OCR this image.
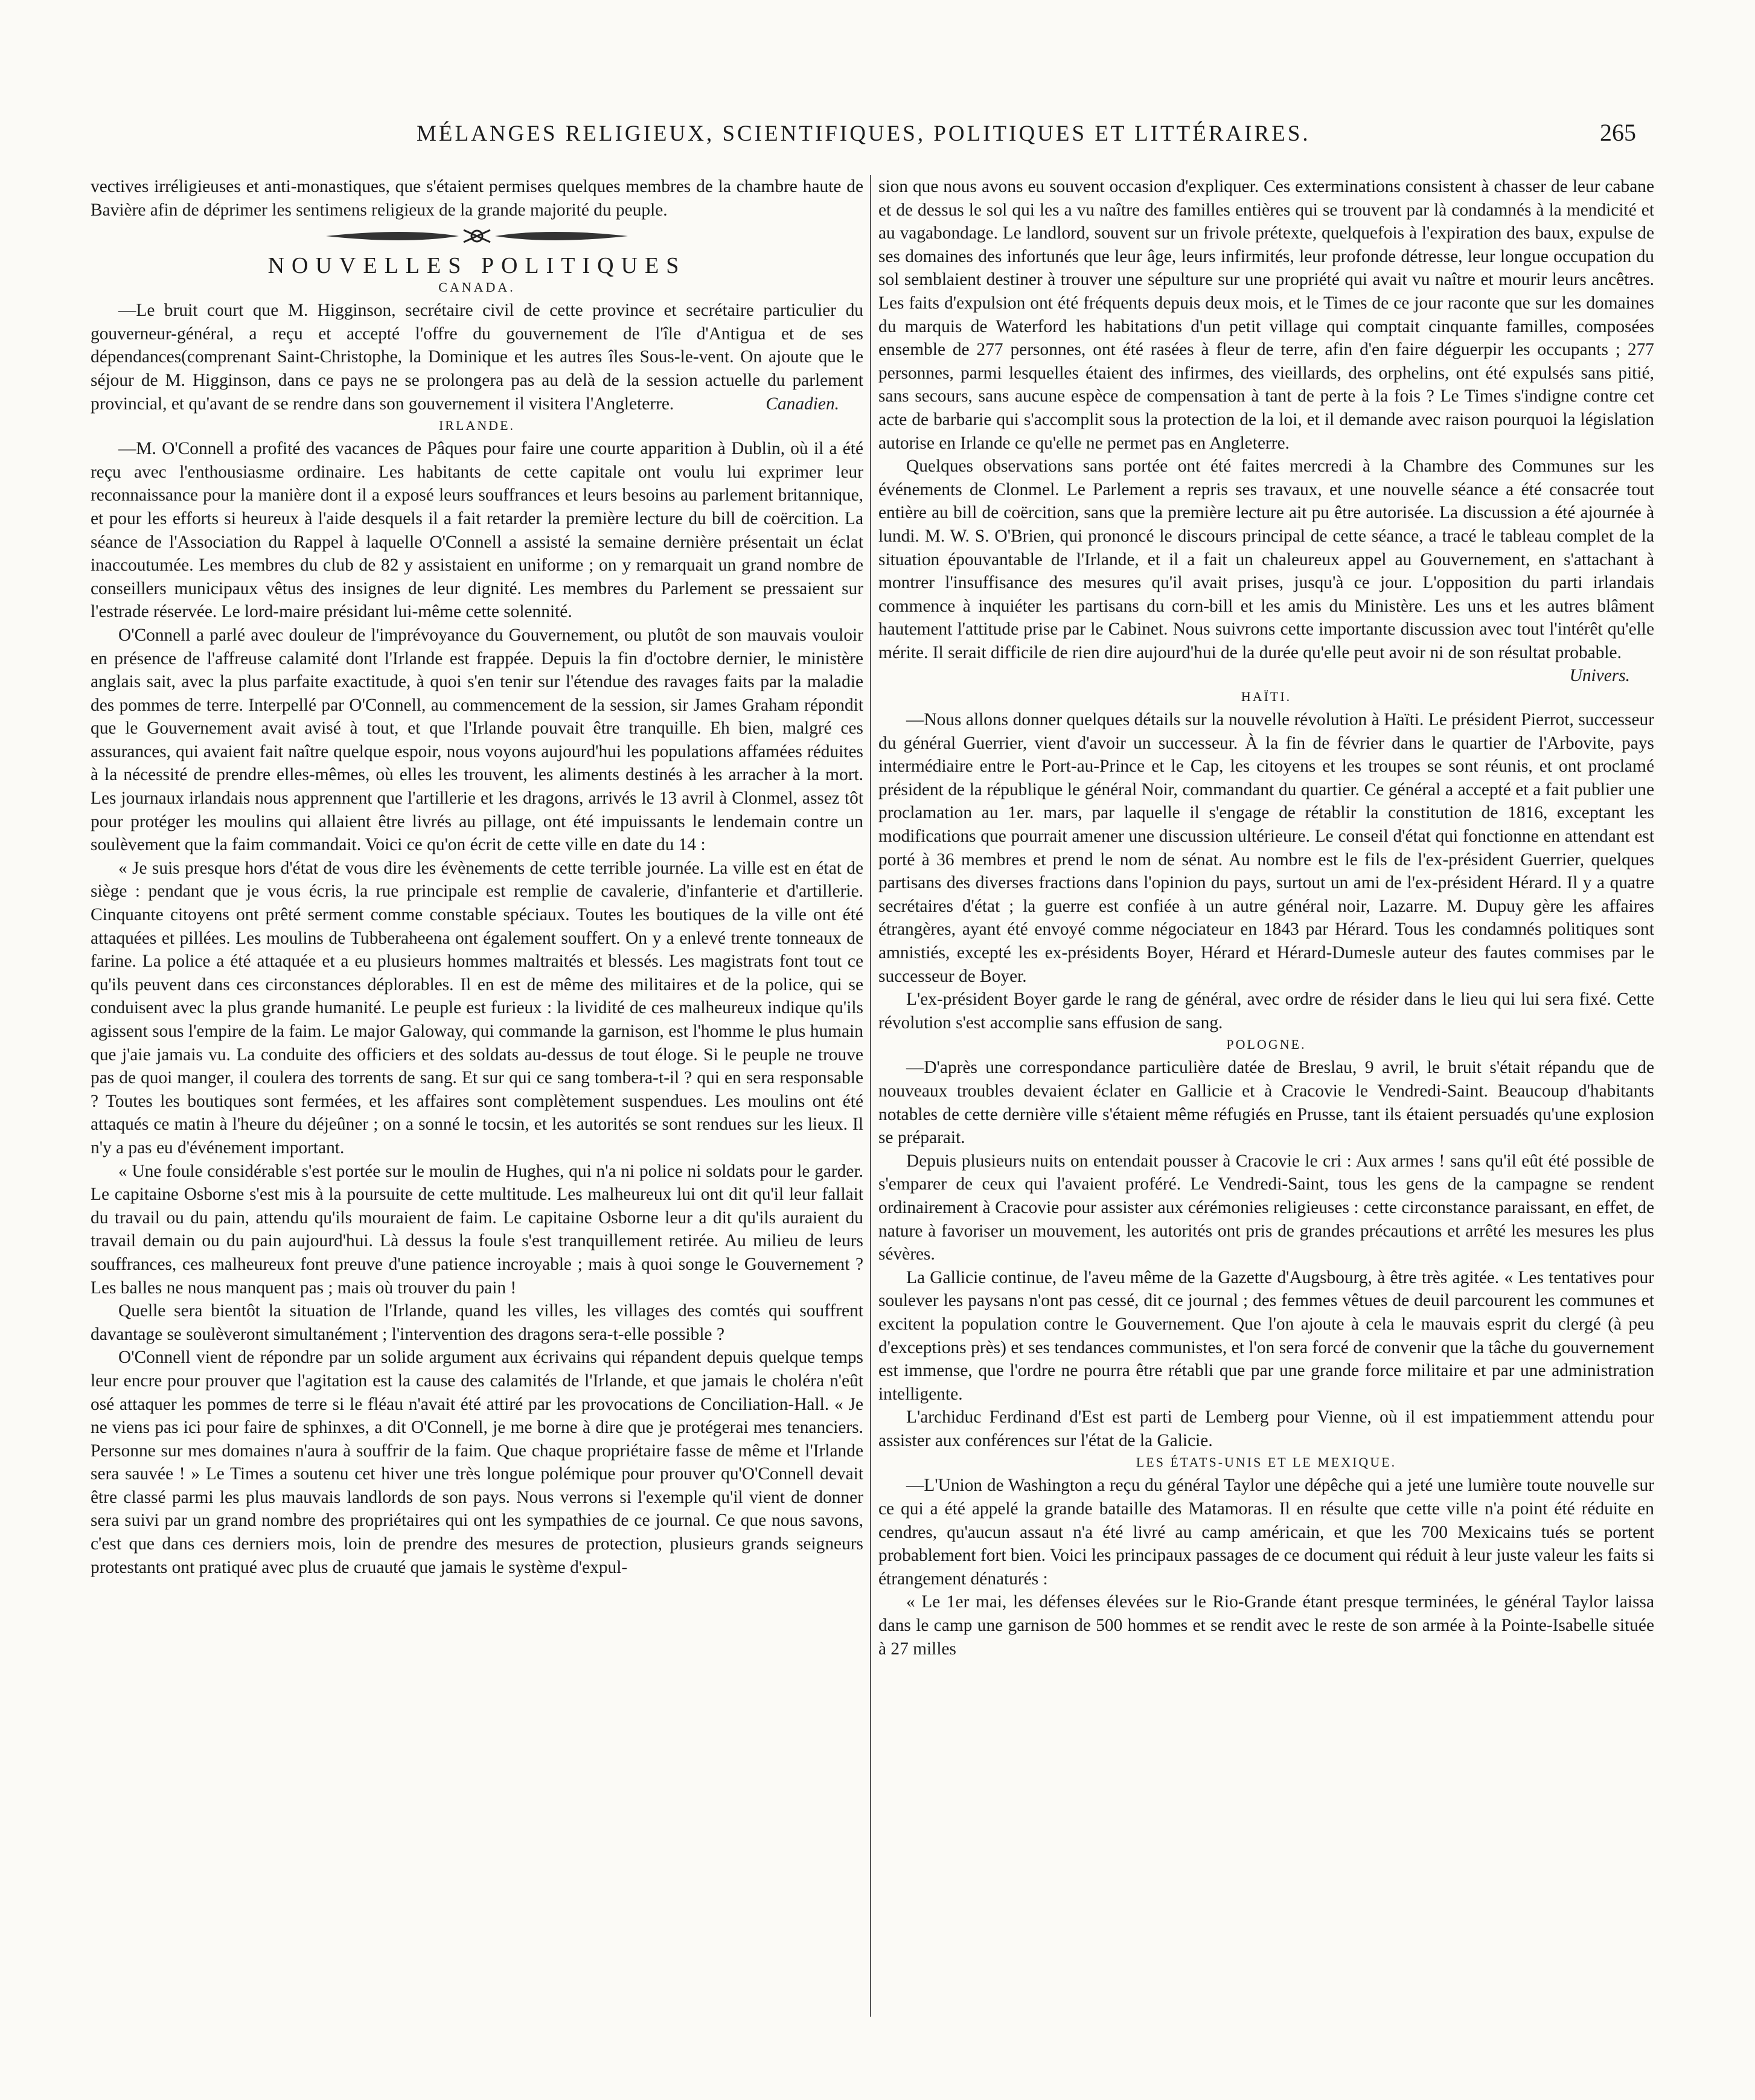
MÉLANGES RELIGIEUX, SCIENTIFIQUES, POLITIQUES ET LITTÉRAIRES.	265

vectives irréligieuses et anti-monastiques, que s'étaient permises quelques membres de la chambre haute de Bavière afin de déprimer les sentimens religieux de la grande majorité du peuple.

NOUVELLES POLITIQUES
CANADA.

—Le bruit court que M. Higginson, secrétaire civil de cette province et secrétaire particulier du gouverneur-général, a reçu et accepté l'offre du gouvernement de l'île d'Antigua et de ses dépendances(comprenant Saint-Christophe, la Dominique et les autres îles Sous-le-vent. On ajoute que le séjour de M. Higginson, dans ce pays ne se prolongera pas au delà de la session actuelle du parlement provincial, et qu'avant de se rendre dans son gouvernement il visitera l'Angleterre.	Canadien.

IRLANDE.

—M. O'Connell a profité des vacances de Pâques pour faire une courte apparition à Dublin, où il a été reçu avec l'enthousiasme ordinaire. Les habitants de cette capitale ont voulu lui exprimer leur reconnaissance pour la manière dont il a exposé leurs souffrances et leurs besoins au parlement britannique, et pour les efforts si heureux à l'aide desquels il a fait retarder la première lecture du bill de coërcition. La séance de l'Association du Rappel à laquelle O'Connell a assisté la semaine dernière présentait un éclat inaccoutumée. Les membres du club de 82 y assistaient en uniforme ; on y remarquait un grand nombre de conseillers municipaux vêtus des insignes de leur dignité. Les membres du Parlement se pressaient sur l'estrade réservée. Le lord-maire présidant lui-même cette solennité.

O'Connell a parlé avec douleur de l'imprévoyance du Gouvernement, ou plutôt de son mauvais vouloir en présence de l'affreuse calamité dont l'Irlande est frappée. Depuis la fin d'octobre dernier, le ministère anglais sait, avec la plus parfaite exactitude, à quoi s'en tenir sur l'étendue des ravages faits par la maladie des pommes de terre. Interpellé par O'Connell, au commencement de la session, sir James Graham répondit que le Gouvernement avait avisé à tout, et que l'Irlande pouvait être tranquille. Eh bien, malgré ces assurances, qui avaient fait naître quelque espoir, nous voyons aujourd'hui les populations affamées réduites à la nécessité de prendre elles-mêmes, où elles les trouvent, les aliments destinés à les arracher à la mort. Les journaux irlandais nous apprennent que l'artillerie et les dragons, arrivés le 13 avril à Clonmel, assez tôt pour protéger les moulins qui allaient être livrés au pillage, ont été impuissants le lendemain contre un soulèvement que la faim commandait. Voici ce qu'on écrit de cette ville en date du 14 :

« Je suis presque hors d'état de vous dire les évènements de cette terrible journée. La ville est en état de siège : pendant que je vous écris, la rue principale est remplie de cavalerie, d'infanterie et d'artillerie. Cinquante citoyens ont prêté serment comme constable spéciaux. Toutes les boutiques de la ville ont été attaquées et pillées. Les moulins de Tubberaheena ont également souffert. On y a enlevé trente tonneaux de farine. La police a été attaquée et a eu plusieurs hommes maltraités et blessés. Les magistrats font tout ce qu'ils peuvent dans ces circonstances déplorables. Il en est de même des militaires et de la police, qui se conduisent avec la plus grande humanité. Le peuple est furieux : la lividité de ces malheureux indique qu'ils agissent sous l'empire de la faim. Le major Galoway, qui commande la garnison, est l'homme le plus humain que j'aie jamais vu. La conduite des officiers et des soldats au-dessus de tout éloge. Si le peuple ne trouve pas de quoi manger, il coulera des torrents de sang. Et sur qui ce sang tombera-t-il ? qui en sera responsable ? Toutes les boutiques sont fermées, et les affaires sont complètement suspendues. Les moulins ont été attaqués ce matin à l'heure du déjeûner ; on a sonné le tocsin, et les autorités se sont rendues sur les lieux. Il n'y a pas eu d'événement important.

« Une foule considérable s'est portée sur le moulin de Hughes, qui n'a ni police ni soldats pour le garder. Le capitaine Osborne s'est mis à la poursuite de cette multitude. Les malheureux lui ont dit qu'il leur fallait du travail ou du pain, attendu qu'ils mouraient de faim. Le capitaine Osborne leur a dit qu'ils auraient du travail demain ou du pain aujourd'hui. Là dessus la foule s'est tranquillement retirée. Au milieu de leurs souffrances, ces malheureux font preuve d'une patience incroyable ; mais à quoi songe le Gouvernement ? Les balles ne nous manquent pas ; mais où trouver du pain !

Quelle sera bientôt la situation de l'Irlande, quand les villes, les villages des comtés qui souffrent davantage se soulèveront simultanément ; l'intervention des dragons sera-t-elle possible ?

O'Connell vient de répondre par un solide argument aux écrivains qui répandent depuis quelque temps leur encre pour prouver que l'agitation est la cause des calamités de l'Irlande, et que jamais le choléra n'eût osé attaquer les pommes de terre si le fléau n'avait été attiré par les provocations de Conciliation-Hall. « Je ne viens pas ici pour faire de sphinxes, a dit O'Connell, je me borne à dire que je protégerai mes tenanciers. Personne sur mes domaines n'aura à souffrir de la faim. Que chaque propriétaire fasse de même et l'Irlande sera sauvée ! » Le Times a soutenu cet hiver une très longue polémique pour prouver qu'O'Connell devait être classé parmi les plus mauvais landlords de son pays. Nous verrons si l'exemple qu'il vient de donner sera suivi par un grand nombre des propriétaires qui ont les sympathies de ce journal. Ce que nous savons, c'est que dans ces derniers mois, loin de prendre des mesures de protection, plusieurs grands seigneurs protestants ont pratiqué avec plus de cruauté que jamais le système d'expul-

sion que nous avons eu souvent occasion d'expliquer. Ces exterminations consistent à chasser de leur cabane et de dessus le sol qui les a vu naître des familles entières qui se trouvent par là condamnés à la mendicité et au vagabondage. Le landlord, souvent sur un frivole prétexte, quelquefois à l'expiration des baux, expulse de ses domaines des infortunés que leur âge, leurs infirmités, leur profonde détresse, leur longue occupation du sol semblaient destiner à trouver une sépulture sur une propriété qui avait vu naître et mourir leurs ancêtres. Les faits d'expulsion ont été fréquents depuis deux mois, et le Times de ce jour raconte que sur les domaines du marquis de Waterford les habitations d'un petit village qui comptait cinquante familles, composées ensemble de 277 personnes, ont été rasées à fleur de terre, afin d'en faire déguerpir les occupants ; 277 personnes, parmi lesquelles étaient des infirmes, des vieillards, des orphelins, ont été expulsés sans pitié, sans secours, sans aucune espèce de compensation à tant de perte à la fois ? Le Times s'indigne contre cet acte de barbarie qui s'accomplit sous la protection de la loi, et il demande avec raison pourquoi la législation autorise en Irlande ce qu'elle ne permet pas en Angleterre.

Quelques observations sans portée ont été faites mercredi à la Chambre des Communes sur les événements de Clonmel. Le Parlement a repris ses travaux, et une nouvelle séance a été consacrée tout entière au bill de coërcition, sans que la première lecture ait pu être autorisée. La discussion a été ajournée à lundi. M. W. S. O'Brien, qui prononcé le discours principal de cette séance, a tracé le tableau complet de la situation épouvantable de l'Irlande, et il a fait un chaleureux appel au Gouvernement, en s'attachant à montrer l'insuffisance des mesures qu'il avait prises, jusqu'à ce jour. L'opposition du parti irlandais commence à inquiéter les partisans du corn-bill et les amis du Ministère. Les uns et les autres blâment hautement l'attitude prise par le Cabinet. Nous suivrons cette importante discussion avec tout l'intérêt qu'elle mérite. Il serait difficile de rien dire aujourd'hui de la durée qu'elle peut avoir ni de son résultat probable.
Univers.

HAÏTI.

—Nous allons donner quelques détails sur la nouvelle révolution à Haïti. Le président Pierrot, successeur du général Guerrier, vient d'avoir un successeur. À la fin de février dans le quartier de l'Arbovite, pays intermédiaire entre le Port-au-Prince et le Cap, les citoyens et les troupes se sont réunis, et ont proclamé président de la république le général Noir, commandant du quartier. Ce général a accepté et a fait publier une proclamation au 1er. mars, par laquelle il s'engage de rétablir la constitution de 1816, exceptant les modifications que pourrait amener une discussion ultérieure. Le conseil d'état qui fonctionne en attendant est porté à 36 membres et prend le nom de sénat. Au nombre est le fils de l'ex-président Guerrier, quelques partisans des diverses fractions dans l'opinion du pays, surtout un ami de l'ex-président Hérard. Il y a quatre secrétaires d'état ; la guerre est confiée à un autre général noir, Lazarre. M. Dupuy gère les affaires étrangères, ayant été envoyé comme négociateur en 1843 par Hérard. Tous les condamnés politiques sont amnistiés, excepté les ex-présidents Boyer, Hérard et Hérard-Dumesle auteur des fautes commises par le successeur de Boyer.

L'ex-président Boyer garde le rang de général, avec ordre de résider dans le lieu qui lui sera fixé. Cette révolution s'est accomplie sans effusion de sang.

POLOGNE.

—D'après une correspondance particulière datée de Breslau, 9 avril, le bruit s'était répandu que de nouveaux troubles devaient éclater en Gallicie et à Cracovie le Vendredi-Saint. Beaucoup d'habitants notables de cette dernière ville s'étaient même réfugiés en Prusse, tant ils étaient persuadés qu'une explosion se préparait.

Depuis plusieurs nuits on entendait pousser à Cracovie le cri : Aux armes ! sans qu'il eût été possible de s'emparer de ceux qui l'avaient proféré. Le Vendredi-Saint, tous les gens de la campagne se rendent ordinairement à Cracovie pour assister aux cérémonies religieuses : cette circonstance paraissant, en effet, de nature à favoriser un mouvement, les autorités ont pris de grandes précautions et arrêté les mesures les plus sévères.

La Gallicie continue, de l'aveu même de la Gazette d'Augsbourg, à être très agitée. « Les tentatives pour soulever les paysans n'ont pas cessé, dit ce journal ; des femmes vêtues de deuil parcourent les communes et excitent la population contre le Gouvernement. Que l'on ajoute à cela le mauvais esprit du clergé (à peu d'exceptions près) et ses tendances communistes, et l'on sera forcé de convenir que la tâche du gouvernement est immense, que l'ordre ne pourra être rétabli que par une grande force militaire et par une administration intelligente.

L'archiduc Ferdinand d'Est est parti de Lemberg pour Vienne, où il est impatiemment attendu pour assister aux conférences sur l'état de la Galicie.

LES ÉTATS-UNIS ET LE MEXIQUE.

—L'Union de Washington a reçu du général Taylor une dépêche qui a jeté une lumière toute nouvelle sur ce qui a été appelé la grande bataille des Matamoras. Il en résulte que cette ville n'a point été réduite en cendres, qu'aucun assaut n'a été livré au camp américain, et que les 700 Mexicains tués se portent probablement fort bien. Voici les principaux passages de ce document qui réduit à leur juste valeur les faits si étrangement dénaturés :

« Le 1er mai, les défenses élevées sur le Rio-Grande étant presque terminées, le général Taylor laissa dans le camp une garnison de 500 hommes et se rendit avec le reste de son armée à la Pointe-Isabelle située à 27 milles
